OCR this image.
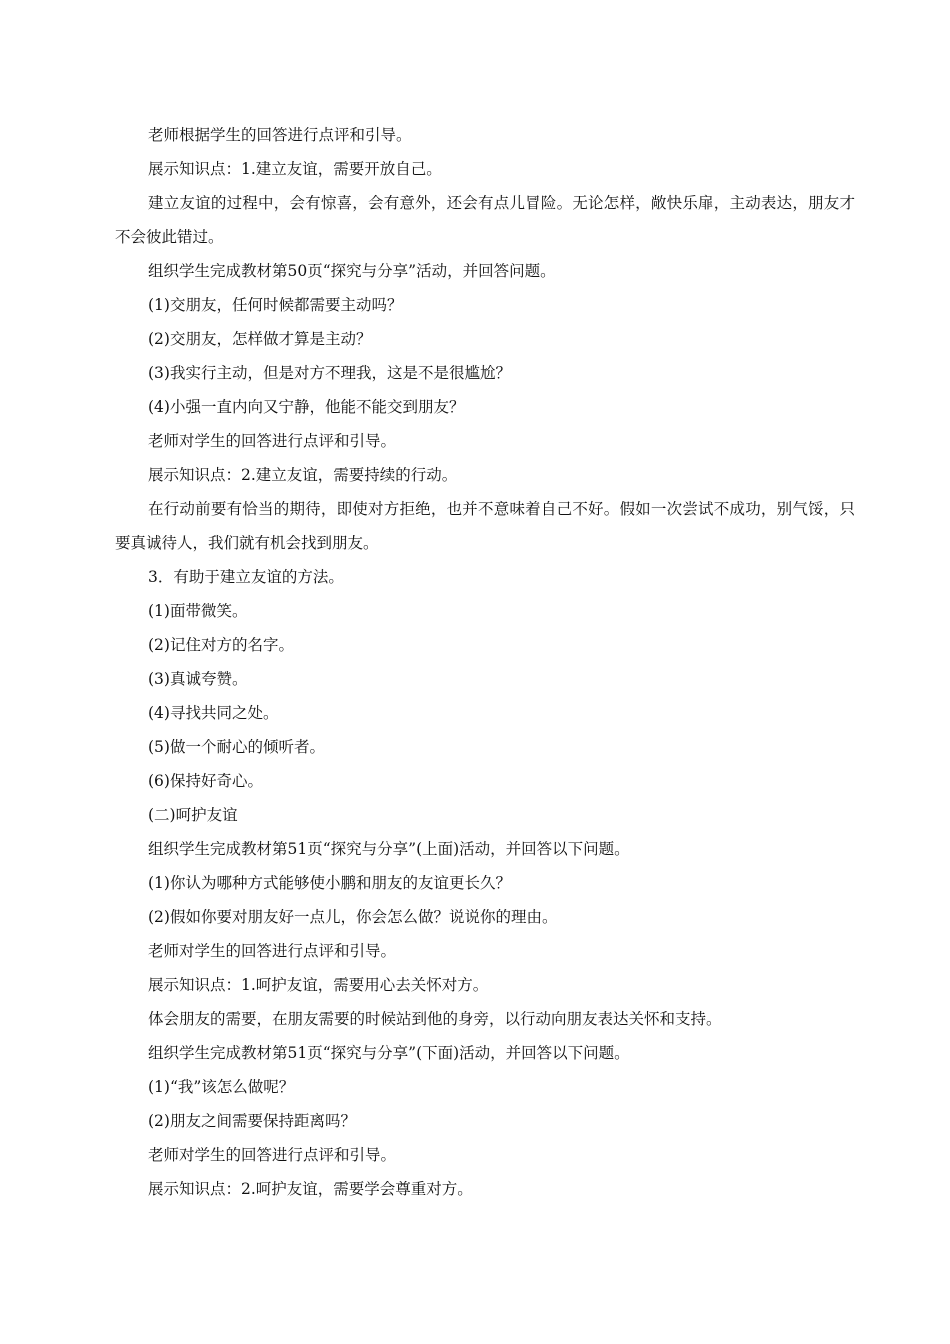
老师根据学生的回答进行点评和引导。

展示知识点：1.建立友谊，需要开放自己。

建立友谊的过程中，会有惊喜，会有意外，还会有点儿冒险。无论怎样，敞快乐扉，主动表达，朋友才不会彼此错过。

组织学生完成教材第50页“探究与分享”活动，并回答问题。

(1)交朋友，任何时候都需要主动吗？

(2)交朋友，怎样做才算是主动？

(3)我实行主动，但是对方不理我，这是不是很尴尬？

(4)小强一直内向又宁静，他能不能交到朋友？

老师对学生的回答进行点评和引导。

展示知识点：2.建立友谊，需要持续的行动。

在行动前要有恰当的期待，即使对方拒绝，也并不意味着自己不好。假如一次尝试不成功，别气馁，只要真诚待人，我们就有机会找到朋友。

3．有助于建立友谊的方法。

(1)面带微笑。

(2)记住对方的名字。

(3)真诚夸赞。

(4)寻找共同之处。

(5)做一个耐心的倾听者。

(6)保持好奇心。

(二)呵护友谊

组织学生完成教材第51页“探究与分享”(上面)活动，并回答以下问题。

(1)你认为哪种方式能够使小鹏和朋友的友谊更长久？

(2)假如你要对朋友好一点儿，你会怎么做？说说你的理由。

老师对学生的回答进行点评和引导。

展示知识点：1.呵护友谊，需要用心去关怀对方。

体会朋友的需要，在朋友需要的时候站到他的身旁，以行动向朋友表达关怀和支持。

组织学生完成教材第51页“探究与分享”(下面)活动，并回答以下问题。

(1)“我”该怎么做呢？

(2)朋友之间需要保持距离吗？

老师对学生的回答进行点评和引导。

展示知识点：2.呵护友谊，需要学会尊重对方。
